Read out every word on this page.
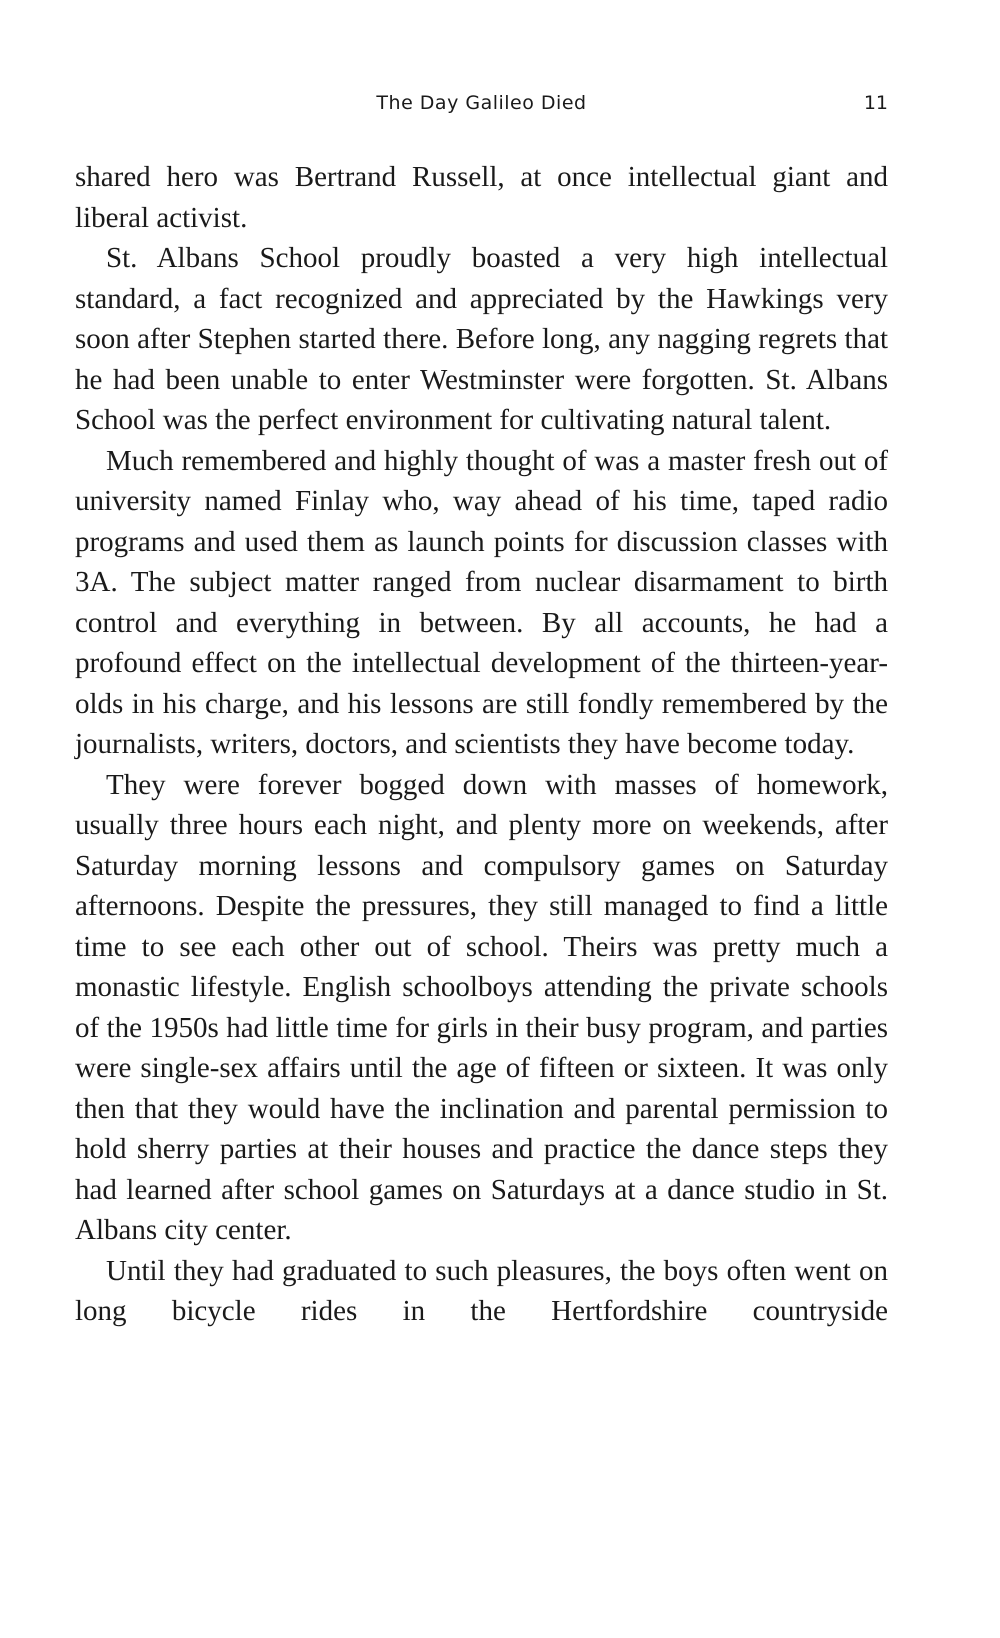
The Day Galileo Died	11

shared hero was Bertrand Russell, at once intellectual giant and liberal activist.

St. Albans School proudly boasted a very high intellectual standard, a fact recognized and appreciated by the Hawkings very soon after Stephen started there. Before long, any nagging regrets that he had been unable to enter Westminster were forgotten. St. Albans School was the perfect environment for cultivating natural talent.

Much remembered and highly thought of was a master fresh out of university named Finlay who, way ahead of his time, taped radio programs and used them as launch points for discussion classes with 3A. The subject matter ranged from nuclear disarmament to birth control and everything in between. By all accounts, he had a profound effect on the intellectual development of the thirteen-year-olds in his charge, and his lessons are still fondly remembered by the journalists, writers, doctors, and scientists they have become today.

They were forever bogged down with masses of homework, usually three hours each night, and plenty more on weekends, after Saturday morning lessons and compulsory games on Saturday afternoons. Despite the pressures, they still managed to find a little time to see each other out of school. Theirs was pretty much a monastic lifestyle. English schoolboys attending the private schools of the 1950s had little time for girls in their busy program, and parties were single-sex affairs until the age of fifteen or sixteen. It was only then that they would have the inclination and parental permission to hold sherry parties at their houses and practice the dance steps they had learned after school games on Saturdays at a dance studio in St. Albans city center.

Until they had graduated to such pleasures, the boys often went on long bicycle rides in the Hertfordshire countryside
